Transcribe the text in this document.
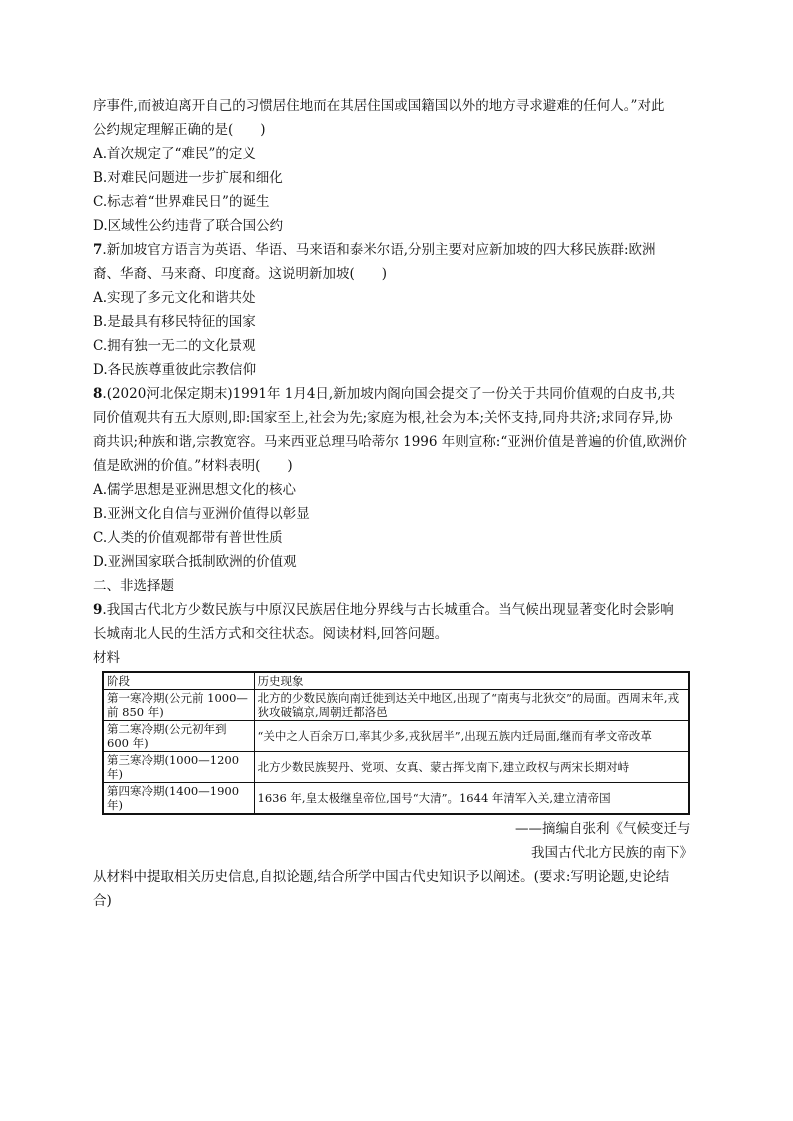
序事件,而被迫离开自己的习惯居住地而在其居住国或国籍国以外的地方寻求避难的任何人。”对此
公约规定理解正确的是(　　)
A.首次规定了“难民”的定义
B.对难民问题进一步扩展和细化
C.标志着“世界难民日”的诞生
D.区域性公约违背了联合国公约
7.新加坡官方语言为英语、华语、马来语和泰米尔语,分别主要对应新加坡的四大移民族群:欧洲
裔、华裔、马来裔、印度裔。这说明新加坡(　　)
A.实现了多元文化和谐共处
B.是最具有移民特征的国家
C.拥有独一无二的文化景观
D.各民族尊重彼此宗教信仰
8.(2020河北保定期末)1991年 1月4日,新加坡内阁向国会提交了一份关于共同价值观的白皮书,共
同价值观共有五大原则,即:国家至上,社会为先;家庭为根,社会为本;关怀支持,同舟共济;求同存异,协
商共识;种族和谐,宗教宽容。马来西亚总理马哈蒂尔 1996 年则宣称:“亚洲价值是普遍的价值,欧洲价
值是欧洲的价值。”材料表明(　　)
A.儒学思想是亚洲思想文化的核心
B.亚洲文化自信与亚洲价值得以彰显
C.人类的价值观都带有普世性质
D.亚洲国家联合抵制欧洲的价值观
二、非选择题
9.我国古代北方少数民族与中原汉民族居住地分界线与古长城重合。当气候出现显著变化时会影响
长城南北人民的生活方式和交往状态。阅读材料,回答问题。
材料
阶段	历史现象
第一寒冷期(公元前 1000—前 850 年)	北方的少数民族向南迁徙到达关中地区,出现了“南夷与北狄交”的局面。西周末年,戎狄攻破镐京,周朝迁都洛邑
第二寒冷期(公元初年到 600 年)	“关中之人百余万口,率其少多,戎狄居半”,出现五族内迁局面,继而有孝文帝改革
第三寒冷期(1000—1200 年)	北方少数民族契丹、党项、女真、蒙古挥戈南下,建立政权与两宋长期对峙
第四寒冷期(1400—1900 年)	1636 年,皇太极继皇帝位,国号“大清”。1644 年清军入关,建立清帝国
——摘编自张利《气候变迁与
我国古代北方民族的南下》
从材料中提取相关历史信息,自拟论题,结合所学中国古代史知识予以阐述。(要求:写明论题,史论结
合)
